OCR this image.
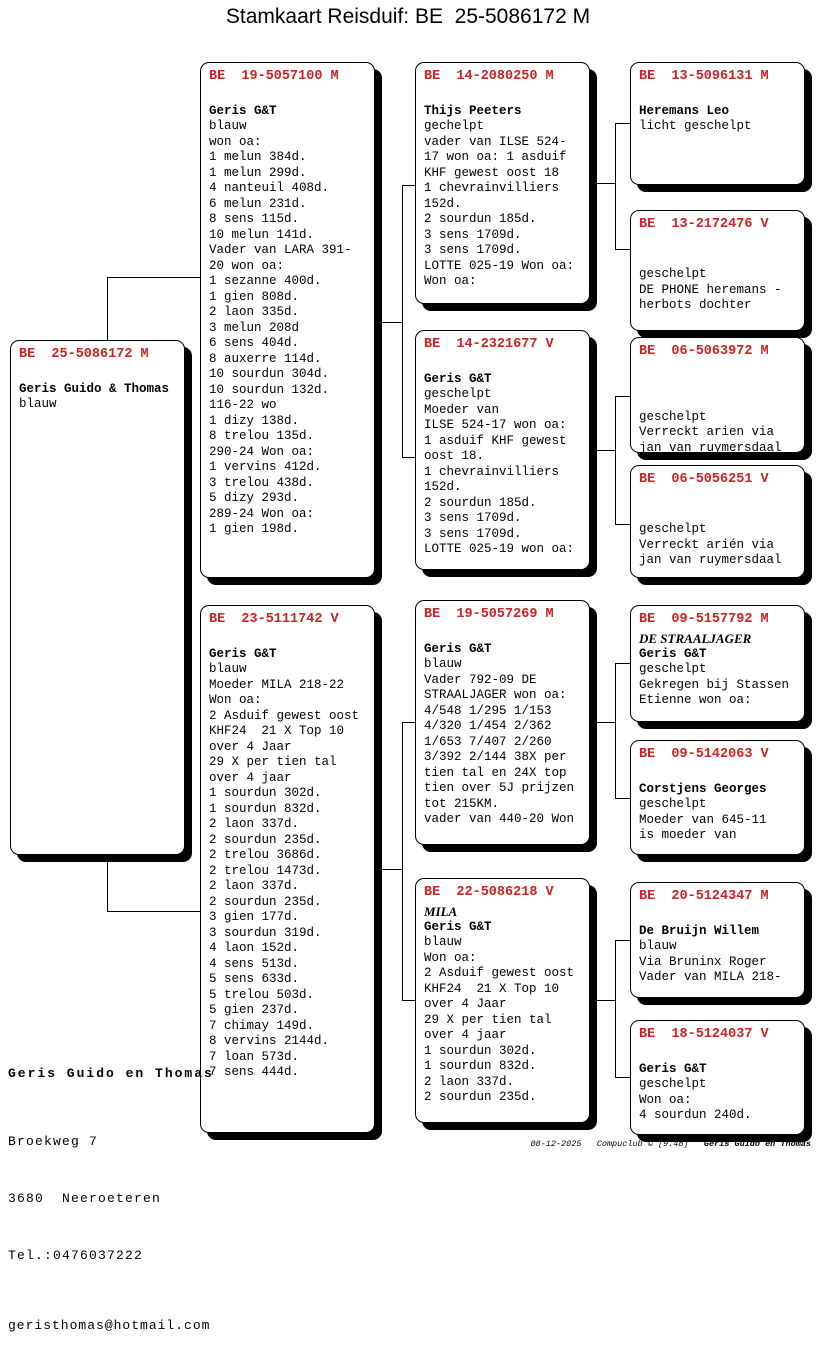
Stamkaart Reisduif: BE  25-5086172 M
BE  25-5086172 M

Geris Guido & Thomas
blauw
BE  19-5057100 M

Geris G&T
blauw
won oa:
1 melun 384d.
1 melun 299d.
4 nanteuil 408d.
6 melun 231d.
8 sens 115d.
10 melun 141d.
Vader van LARA 391-
20 won oa:
1 sezanne 400d.
1 gien 808d.
2 laon 335d.
3 melun 208d
6 sens 404d.
8 auxerre 114d.
10 sourdun 304d.
10 sourdun 132d.
116-22 wo
1 dizy 138d.
8 trelou 135d.
290-24 Won oa:
1 vervins 412d.
3 trelou 438d.
5 dizy 293d.
289-24 Won oa:
1 gien 198d.
BE  23-5111742 V

Geris G&T
blauw
Moeder MILA 218-22
Won oa:
2 Asduif gewest oost
KHF24  21 X Top 10
over 4 Jaar
29 X per tien tal
over 4 jaar
1 sourdun 302d.
1 sourdun 832d.
2 laon 337d.
2 sourdun 235d.
2 trelou 3686d.
2 trelou 1473d.
2 laon 337d.
2 sourdun 235d.
3 gien 177d.
3 sourdun 319d.
4 laon 152d.
4 sens 513d.
5 sens 633d.
5 trelou 503d.
5 gien 237d.
7 chimay 149d.
8 vervins 2144d.
7 loan 573d.
7 sens 444d.
BE  14-2080250 M

Thijs Peeters
gechelpt
vader van ILSE 524-
17 won oa: 1 asduif
KHF gewest oost 18
1 chevrainvilliers
152d.
2 sourdun 185d.
3 sens 1709d.
3 sens 1709d.
LOTTE 025-19 Won oa:
Won oa:
BE  14-2321677 V

Geris G&T
geschelpt
Moeder van
ILSE 524-17 won oa:
1 asduif KHF gewest
oost 18.
1 chevrainvilliers
152d.
2 sourdun 185d.
3 sens 1709d.
3 sens 1709d.
LOTTE 025-19 won oa:
BE  19-5057269 M

Geris G&T
blauw
Vader 792-09 DE
STRAALJAGER won oa:
4/548 1/295 1/153
4/320 1/454 2/362
1/653 7/407 2/260
3/392 2/144 38X per
tien tal en 24X top
tien over 5J prijzen
tot 215KM.
vader van 440-20 Won
BE  22-5086218 V
MILA
Geris G&T
blauw
Won oa:
2 Asduif gewest oost
KHF24  21 X Top 10
over 4 Jaar
29 X per tien tal
over 4 jaar
1 sourdun 302d.
1 sourdun 832d.
2 laon 337d.
2 sourdun 235d.
BE  13-5096131 M

Heremans Leo
licht geschelpt
BE  13-2172476 V

geschelpt
DE PHONE heremans -
herbots dochter
BE  06-5063972 M

geschelpt
Verreckt arien via
jan van ruymersdaal
BE  06-5056251 V

geschelpt
Verreckt arién via
jan van ruymersdaal
BE  09-5157792 M
DE STRAALJAGER
Geris G&T
geschelpt
Gekregen bij Stassen
Etienne won oa:
BE  09-5142063 V

Corstjens Georges
geschelpt
Moeder van 645-11
is moeder van
BE  20-5124347 M

De Bruijn Willem
blauw
Via Bruninx Roger
Vader van MILA 218-
BE  18-5124037 V

Geris G&T
geschelpt
Won oa:
4 sourdun 240d.

Geris Guido en Thomas

Broekweg 7

3680  Neeroeteren

Tel.:0476037222

geristhomas@hotmail.com

08-12-2025   Compuclub © [9.48]   Geris Guido en Thomas
